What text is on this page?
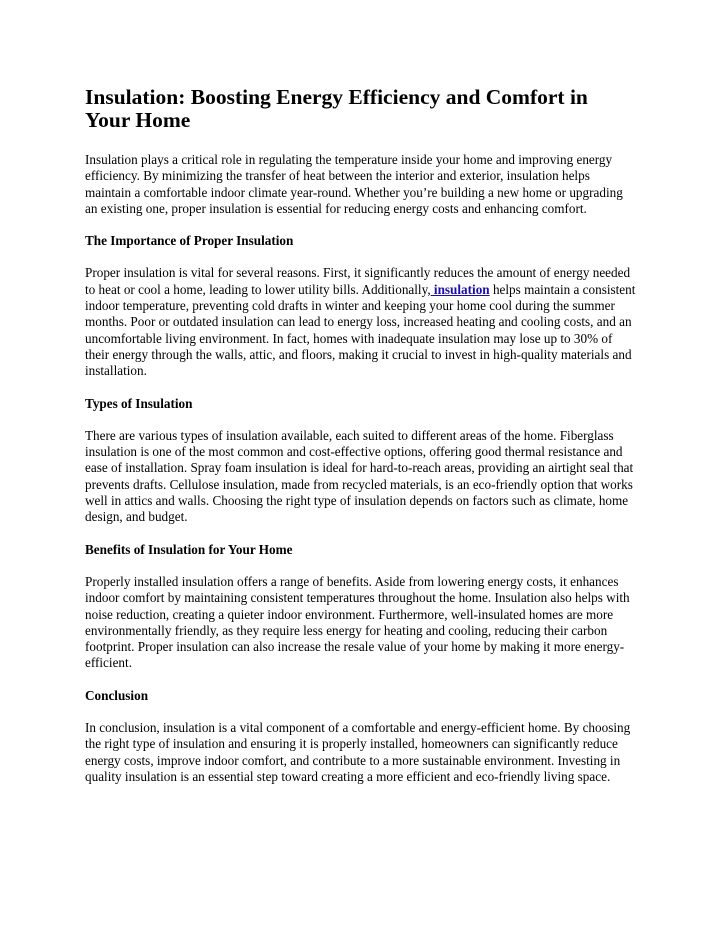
Insulation: Boosting Energy Efficiency and Comfort in Your Home

Insulation plays a critical role in regulating the temperature inside your home and improving energy efficiency. By minimizing the transfer of heat between the interior and exterior, insulation helps maintain a comfortable indoor climate year-round. Whether you’re building a new home or upgrading an existing one, proper insulation is essential for reducing energy costs and enhancing comfort.

The Importance of Proper Insulation

Proper insulation is vital for several reasons. First, it significantly reduces the amount of energy needed to heat or cool a home, leading to lower utility bills. Additionally, insulation helps maintain a consistent indoor temperature, preventing cold drafts in winter and keeping your home cool during the summer months. Poor or outdated insulation can lead to energy loss, increased heating and cooling costs, and an uncomfortable living environment. In fact, homes with inadequate insulation may lose up to 30% of their energy through the walls, attic, and floors, making it crucial to invest in high-quality materials and installation.

Types of Insulation

There are various types of insulation available, each suited to different areas of the home. Fiberglass insulation is one of the most common and cost-effective options, offering good thermal resistance and ease of installation. Spray foam insulation is ideal for hard-to-reach areas, providing an airtight seal that prevents drafts. Cellulose insulation, made from recycled materials, is an eco-friendly option that works well in attics and walls. Choosing the right type of insulation depends on factors such as climate, home design, and budget.

Benefits of Insulation for Your Home

Properly installed insulation offers a range of benefits. Aside from lowering energy costs, it enhances indoor comfort by maintaining consistent temperatures throughout the home. Insulation also helps with noise reduction, creating a quieter indoor environment. Furthermore, well-insulated homes are more environmentally friendly, as they require less energy for heating and cooling, reducing their carbon footprint. Proper insulation can also increase the resale value of your home by making it more energy-efficient.

Conclusion

In conclusion, insulation is a vital component of a comfortable and energy-efficient home. By choosing the right type of insulation and ensuring it is properly installed, homeowners can significantly reduce energy costs, improve indoor comfort, and contribute to a more sustainable environment. Investing in quality insulation is an essential step toward creating a more efficient and eco-friendly living space.
